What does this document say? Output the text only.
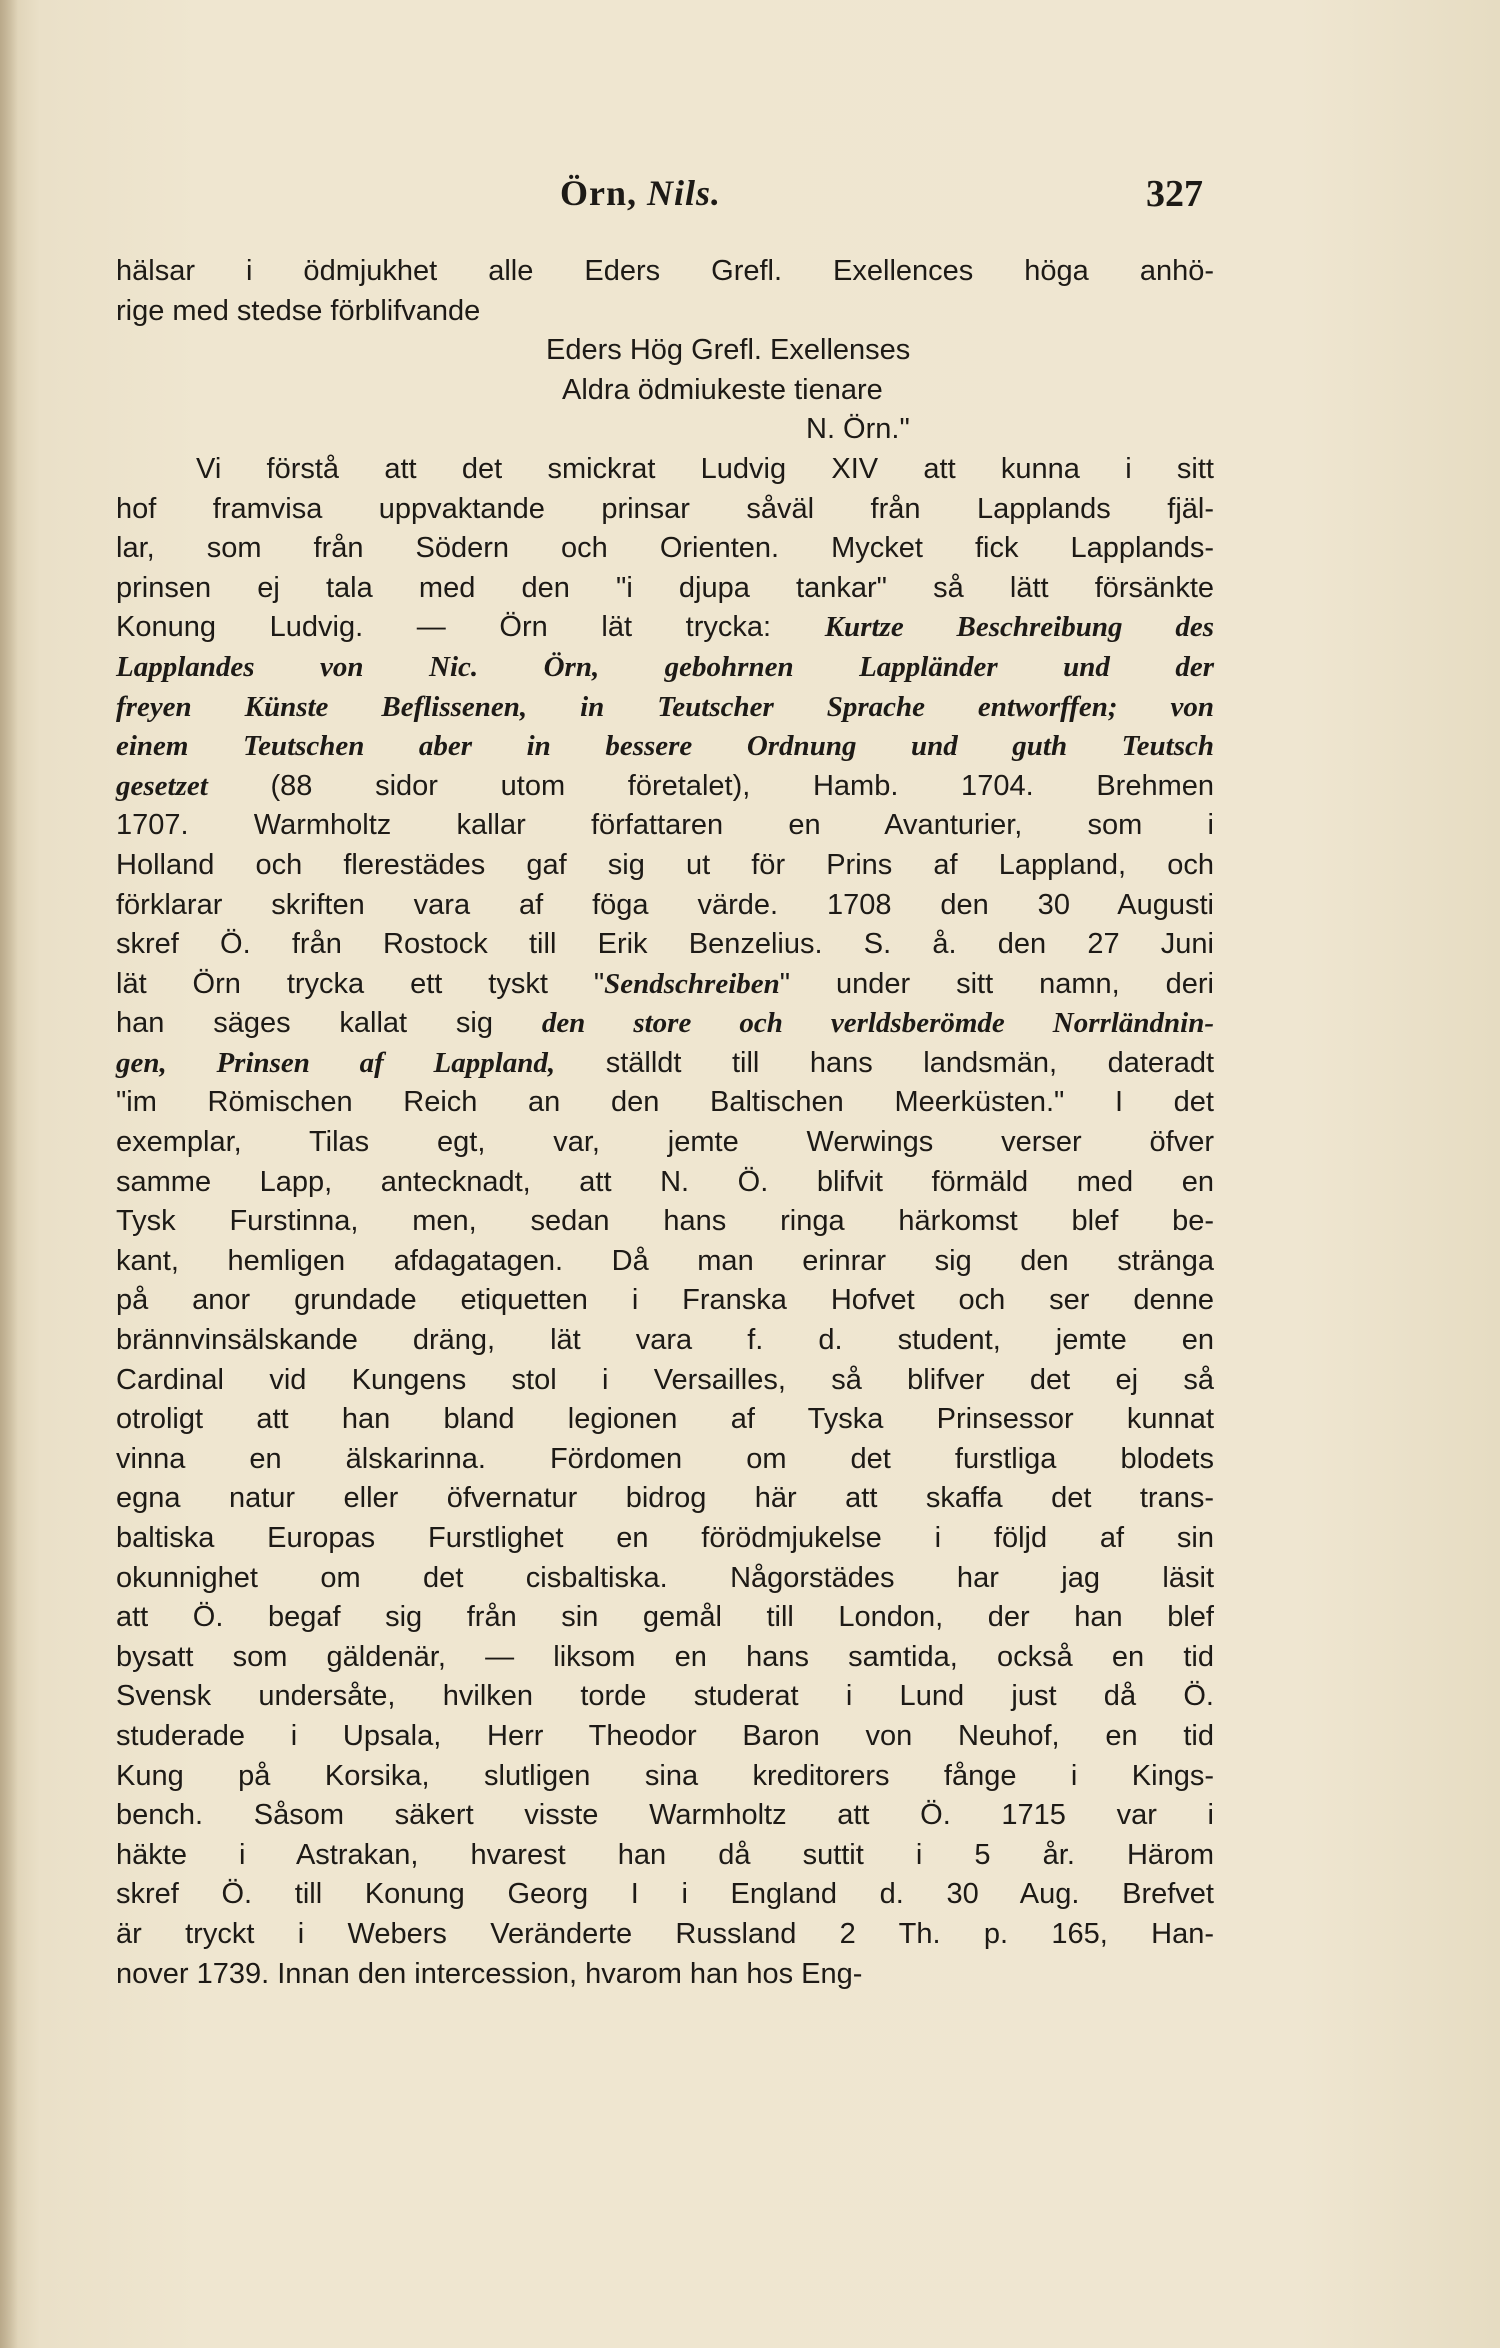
Örn, Nils.	327
hälsar i ödmjukhet alle Eders Grefl. Exellences höga anhö-
rige med stedse förblifvande
Eders Hög Grefl. Exellenses
Aldra ödmiukeste tienare
N. Örn."
Vi förstå att det smickrat Ludvig XIV att kunna i sitt
hof framvisa uppvaktande prinsar såväl från Lapplands fjäl-
lar, som från Södern och Orienten. Mycket fick Lapplands-
prinsen ej tala med den "i djupa tankar" så lätt försänkte
Konung Ludvig. — Örn lät trycka: Kurtze Beschreibung des
Lapplandes von Nic. Örn, gebohrnen Lappländer und der
freyen Künste Beflissenen, in Teutscher Sprache entworffen; von
einem Teutschen aber in bessere Ordnung und guth Teutsch
gesetzet (88 sidor utom företalet), Hamb. 1704. Brehmen
1707. Warmholtz kallar författaren en Avanturier, som i
Holland och flerestädes gaf sig ut för Prins af Lappland, och
förklarar skriften vara af föga värde. 1708 den 30 Augusti
skref Ö. från Rostock till Erik Benzelius. S. å. den 27 Juni
lät Örn trycka ett tyskt "Sendschreiben" under sitt namn, deri
han säges kallat sig den store och verldsberömde Norrländnin-
gen, Prinsen af Lappland, ställdt till hans landsmän, dateradt
"im Römischen Reich an den Baltischen Meerküsten." I det
exemplar, Tilas egt, var, jemte Werwings verser öfver
samme Lapp, antecknadt, att N. Ö. blifvit förmäld med en
Tysk Furstinna, men, sedan hans ringa härkomst blef be-
kant, hemligen afdagatagen. Då man erinrar sig den stränga
på anor grundade etiquetten i Franska Hofvet och ser denne
brännvinsälskande dräng, lät vara f. d. student, jemte en
Cardinal vid Kungens stol i Versailles, så blifver det ej så
otroligt att han bland legionen af Tyska Prinsessor kunnat
vinna en älskarinna. Fördomen om det furstliga blodets
egna natur eller öfvernatur bidrog här att skaffa det trans-
baltiska Europas Furstlighet en förödmjukelse i följd af sin
okunnighet om det cisbaltiska. Någorstädes har jag läsit
att Ö. begaf sig från sin gemål till London, der han blef
bysatt som gäldenär, — liksom en hans samtida, också en tid
Svensk undersåte, hvilken torde studerat i Lund just då Ö.
studerade i Upsala, Herr Theodor Baron von Neuhof, en tid
Kung på Korsika, slutligen sina kreditorers fånge i Kings-
bench. Såsom säkert visste Warmholtz att Ö. 1715 var i
häkte i Astrakan, hvarest han då suttit i 5 år. Härom
skref Ö. till Konung Georg I i England d. 30 Aug. Brefvet
är tryckt i Webers Veränderte Russland 2 Th. p. 165, Han-
nover 1739. Innan den intercession, hvarom han hos Eng-
